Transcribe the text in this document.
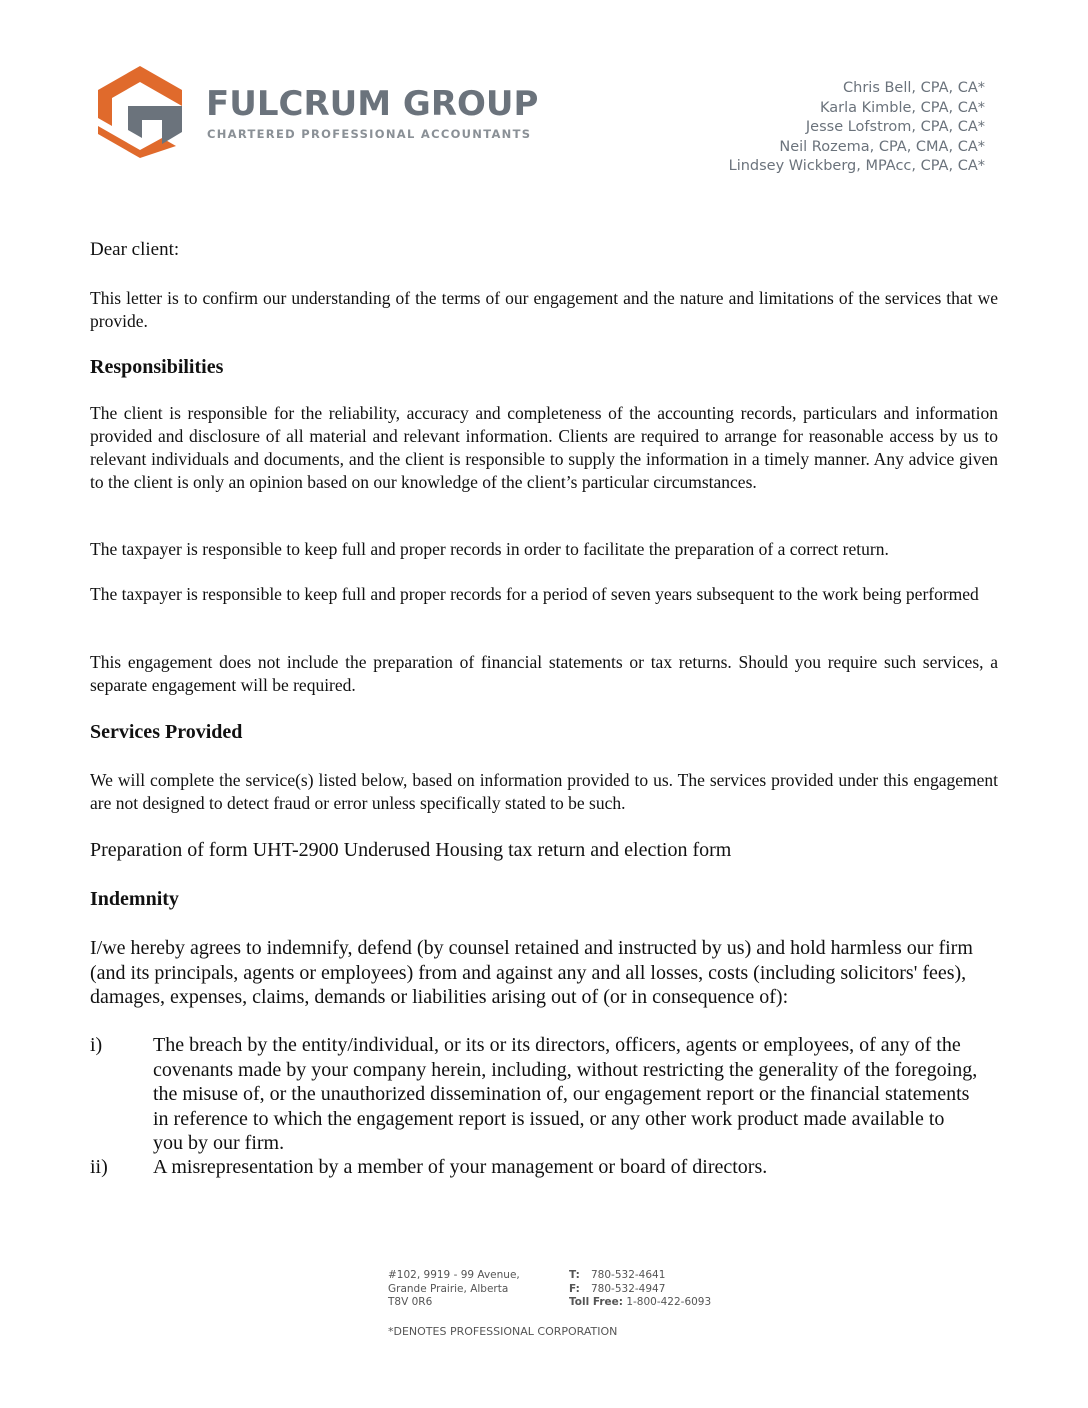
FULCRUM GROUP
CHARTERED PROFESSIONAL ACCOUNTANTS
Chris Bell, CPA, CA*
Karla Kimble, CPA, CA*
Jesse Lofstrom, CPA, CA*
Neil Rozema, CPA, CMA, CA*
Lindsey Wickberg, MPAcc, CPA, CA*

Dear client:

This letter is to confirm our understanding of the terms of our engagement and the nature and limitations of the services that we provide.

Responsibilities

The client is responsible for the reliability, accuracy and completeness of the accounting records, particulars and information provided and disclosure of all material and relevant information. Clients are required to arrange for reasonable access by us to relevant individuals and documents, and the client is responsible to supply the information in a timely manner. Any advice given to the client is only an opinion based on our knowledge of the client’s particular circumstances.

The taxpayer is responsible to keep full and proper records in order to facilitate the preparation of a correct return.

The taxpayer is responsible to keep full and proper records for a period of seven years subsequent to the work being performed

This engagement does not include the preparation of financial statements or tax returns. Should you require such services, a separate engagement will be required.

Services Provided

We will complete the service(s) listed below, based on information provided to us. The services provided under this engagement are not designed to detect fraud or error unless specifically stated to be such.

Preparation of form UHT-2900 Underused Housing tax return and election form

Indemnity

I/we hereby agrees to indemnify, defend (by counsel retained and instructed by us) and hold harmless our firm (and its principals, agents or employees) from and against any and all losses, costs (including solicitors' fees), damages, expenses, claims, demands or liabilities arising out of (or in consequence of):

i)	The breach by the entity/individual, or its or its directors, officers, agents or employees, of any of the covenants made by your company herein, including, without restricting the generality of the foregoing, the misuse of, or the unauthorized dissemination of, our engagement report or the financial statements in reference to which the engagement report is issued, or any other work product made available to you by our firm.
ii) A misrepresentation by a member of your management or board of directors.
#102, 9919 - 99 Avenue,
Grande Prairie, Alberta
T8V 0R6
T: 780-532-4641
F: 780-532-4947
Toll Free: 1-800-422-6093
*DENOTES PROFESSIONAL CORPORATION
